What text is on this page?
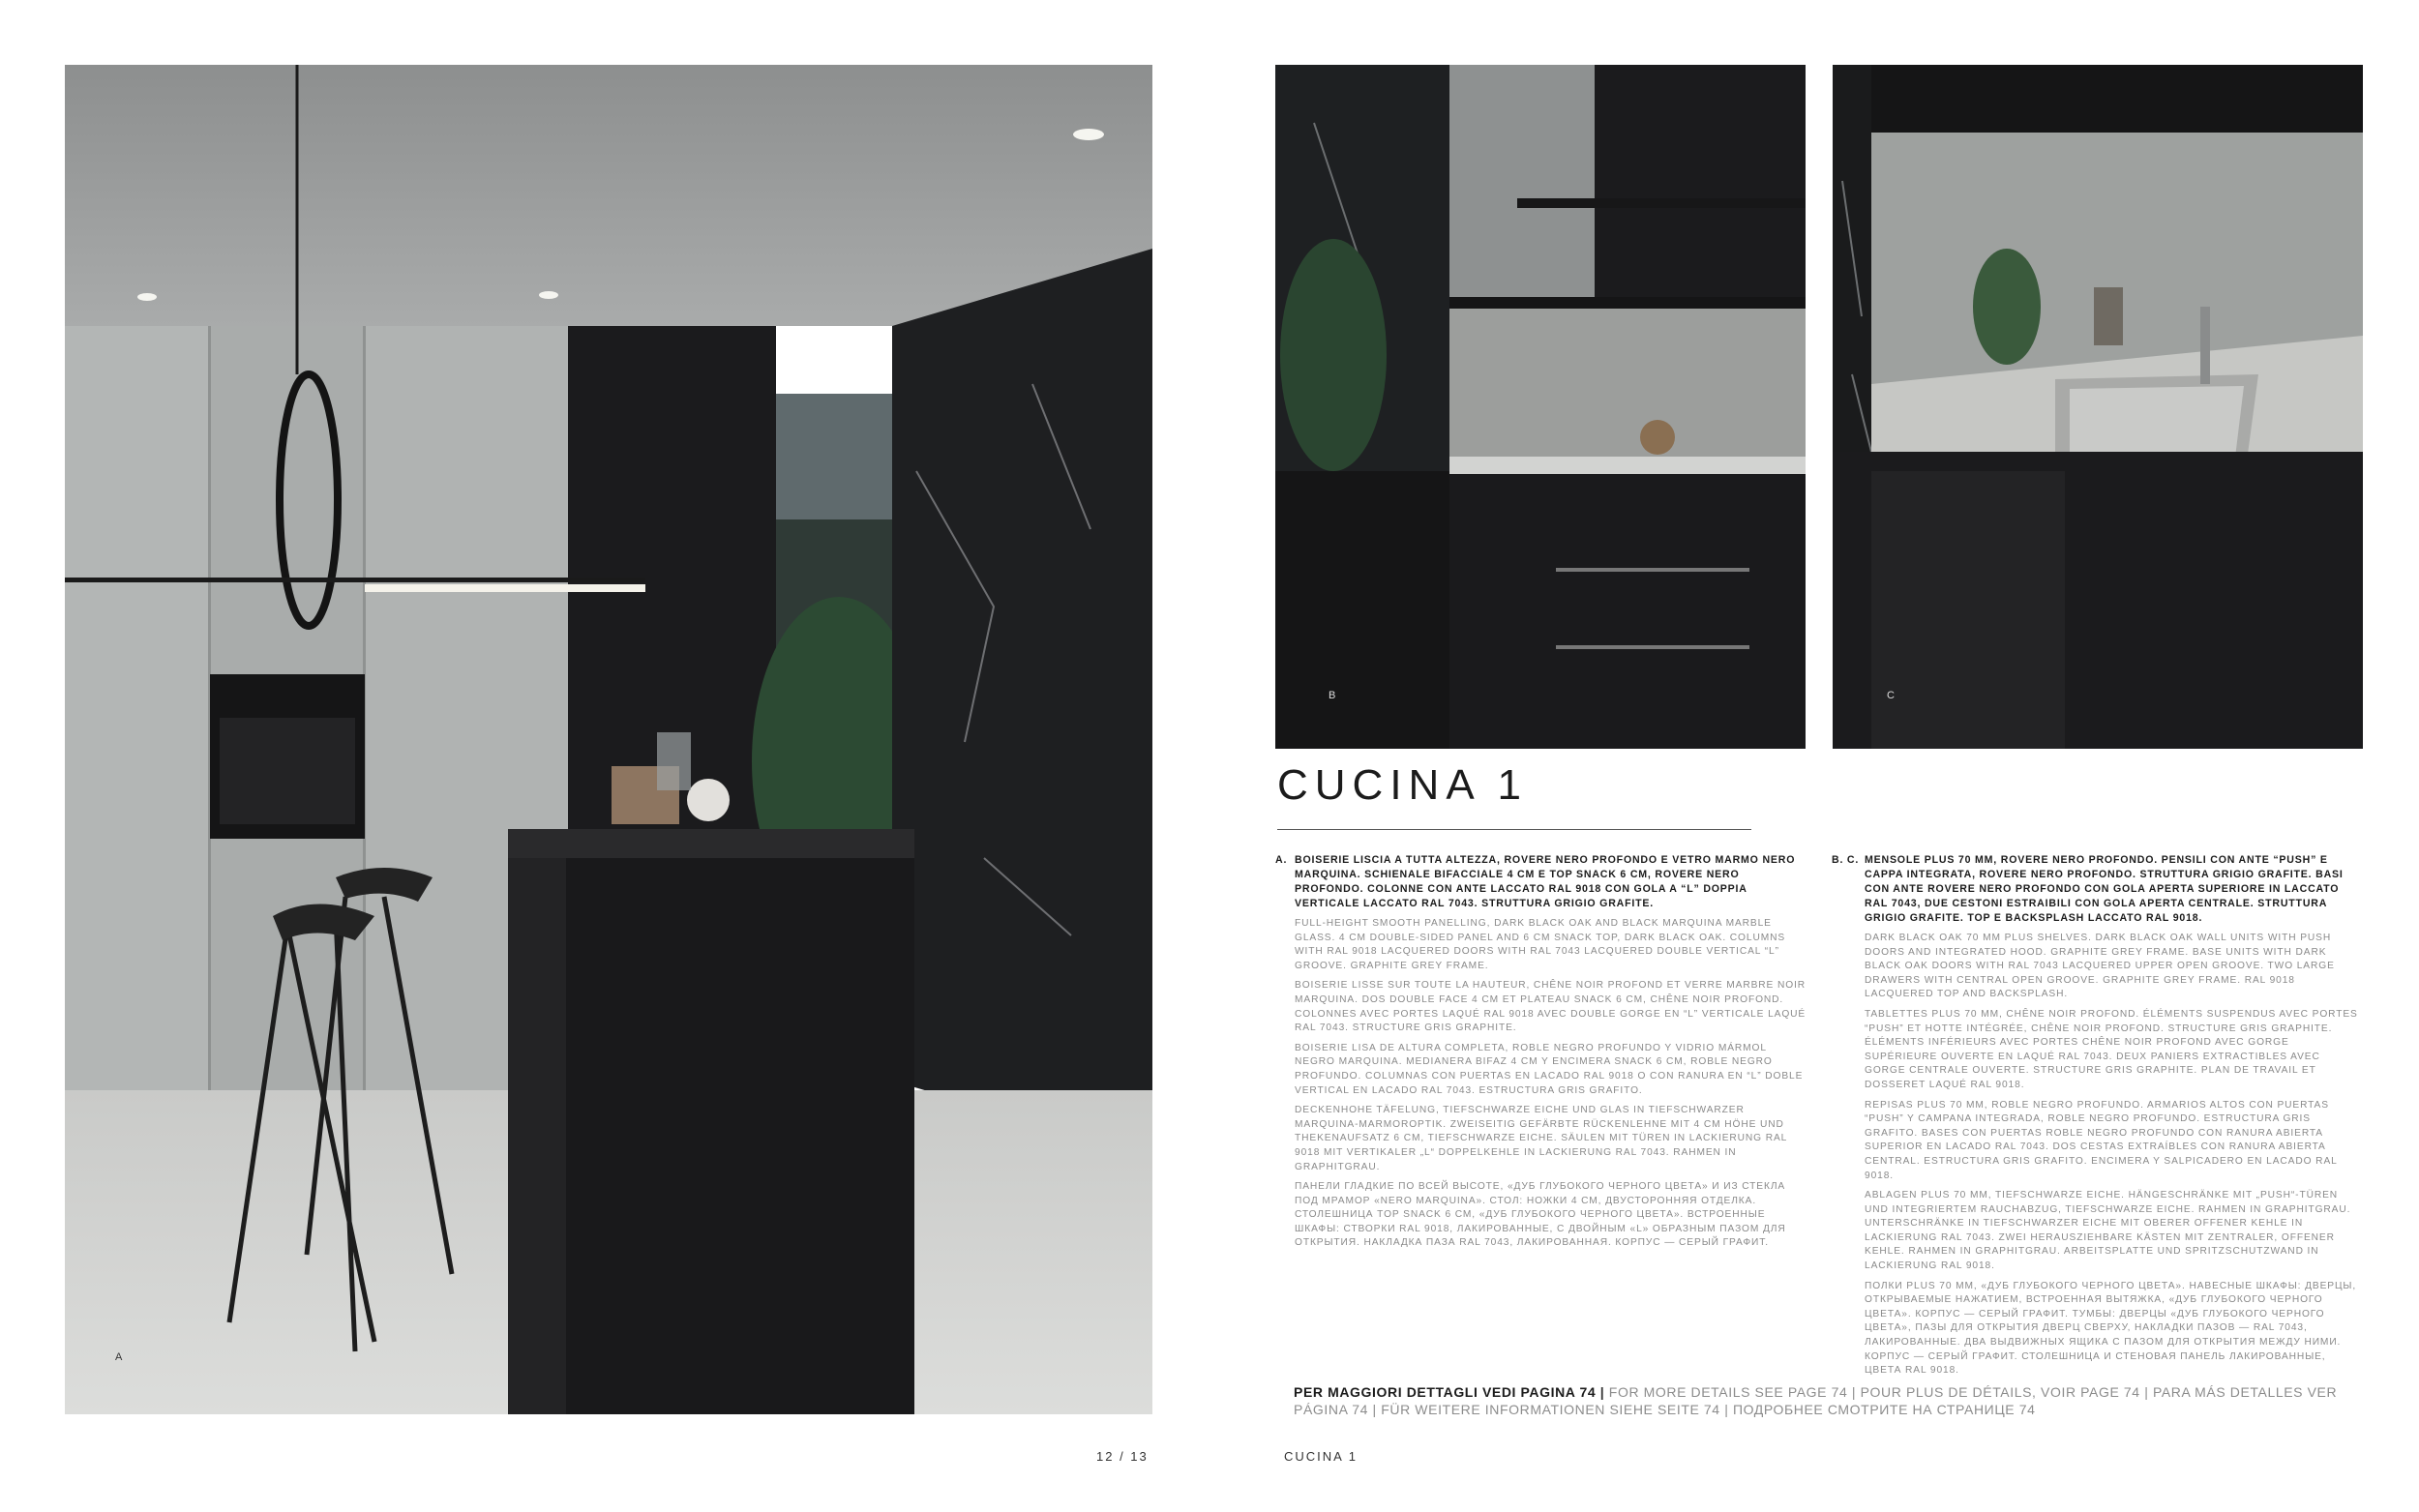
A
B	C
CUCINA 1
A. BOISERIE LISCIA A TUTTA ALTEZZA, ROVERE NERO PROFONDO E VETRO MARMO NERO MARQUINA. SCHIENALE BIFACCIALE 4 CM E TOP SNACK 6 CM, ROVERE NERO PROFONDO. COLONNE CON ANTE LACCATO RAL 9018 CON GOLA A “L” DOPPIA VERTICALE LACCATO RAL 7043. STRUTTURA GRIGIO GRAFITE.

FULL-HEIGHT SMOOTH PANELLING, DARK BLACK OAK AND BLACK MARQUINA MARBLE GLASS. 4 CM DOUBLE-SIDED PANEL AND 6 CM SNACK TOP, DARK BLACK OAK. COLUMNS WITH RAL 9018 LACQUERED DOORS WITH RAL 7043 LACQUERED DOUBLE VERTICAL “L” GROOVE. GRAPHITE GREY FRAME.

BOISERIE LISSE SUR TOUTE LA HAUTEUR, CHÊNE NOIR PROFOND ET VERRE MARBRE NOIR MARQUINA. DOS DOUBLE FACE 4 CM ET PLATEAU SNACK 6 CM, CHÊNE NOIR PROFOND. COLONNES AVEC PORTES LAQUÉ RAL 9018 AVEC DOUBLE GORGE EN “L” VERTICALE LAQUÉ RAL 7043. STRUCTURE GRIS GRAPHITE.

BOISERIE LISA DE ALTURA COMPLETA, ROBLE NEGRO PROFUNDO Y VIDRIO MÁRMOL NEGRO MARQUINA. MEDIANERA BIFAZ 4 CM Y ENCIMERA SNACK 6 CM, ROBLE NEGRO PROFUNDO. COLUMNAS CON PUERTAS EN LACADO RAL 9018 O CON RANURA EN “L” DOBLE VERTICAL EN LACADO RAL 7043. ESTRUCTURA GRIS GRAFITO.

DECKENHOHE TÄFELUNG, TIEFSCHWARZE EICHE UND GLAS IN TIEFSCHWARZER MARQUINA-MARMOROPTIK. ZWEISEITIG GEFÄRBTE RÜCKENLEHNE MIT 4 CM HÖHE UND THEKENAUFSATZ 6 CM, TIEFSCHWARZE EICHE. SÄULEN MIT TÜREN IN LACKIERUNG RAL 9018 MIT VERTIKALER „L“ DOPPELKEHLE IN LACKIERUNG RAL 7043. RAHMEN IN GRAPHITGRAU.

ПАНЕЛИ ГЛАДКИЕ ПО ВСЕЙ ВЫСОТЕ, «ДУБ ГЛУБОКОГО ЧЕРНОГО ЦВЕТА» И ИЗ СТЕКЛА ПОД МРАМОР «NERO MARQUINA». СТОЛ: НОЖКИ 4 СМ, ДВУСТОРОННЯЯ ОТДЕЛКА. СТОЛЕШНИЦА TOP SNACK 6 СМ, «ДУБ ГЛУБОКОГО ЧЕРНОГО ЦВЕТА». ВСТРОЕННЫЕ ШКАФЫ: СТВОРКИ RAL 9018, ЛАКИРОВАННЫЕ, С ДВОЙНЫМ «L» ОБРАЗНЫМ ПАЗОМ ДЛЯ ОТКРЫТИЯ. НАКЛАДКА ПАЗА RAL 7043, ЛАКИРОВАННАЯ. КОРПУС — СЕРЫЙ ГРАФИТ.

B. C. MENSOLE PLUS 70 MM, ROVERE NERO PROFONDO. PENSILI CON ANTE “PUSH” E CAPPA INTEGRATA, ROVERE NERO PROFONDO. STRUTTURA GRIGIO GRAFITE. BASI CON ANTE ROVERE NERO PROFONDO CON GOLA APERTA SUPERIORE IN LACCATO RAL 7043, DUE CESTONI ESTRAIBILI CON GOLA APERTA CENTRALE. STRUTTURA GRIGIO GRAFITE. TOP E BACKSPLASH LACCATO RAL 9018.

DARK BLACK OAK 70 MM PLUS SHELVES. DARK BLACK OAK WALL UNITS WITH PUSH DOORS AND INTEGRATED HOOD. GRAPHITE GREY FRAME. BASE UNITS WITH DARK BLACK OAK DOORS WITH RAL 7043 LACQUERED UPPER OPEN GROOVE. TWO LARGE DRAWERS WITH CENTRAL OPEN GROOVE. GRAPHITE GREY FRAME. RAL 9018 LACQUERED TOP AND BACKSPLASH.

TABLETTES PLUS 70 MM, CHÊNE NOIR PROFOND. ÉLÉMENTS SUSPENDUS AVEC PORTES “PUSH” ET HOTTE INTÉGRÉE, CHÊNE NOIR PROFOND. STRUCTURE GRIS GRAPHITE. ÉLÉMENTS INFÉRIEURS AVEC PORTES CHÊNE NOIR PROFOND AVEC GORGE SUPÉRIEURE OUVERTE EN LAQUÉ RAL 7043. DEUX PANIERS EXTRACTIBLES AVEC GORGE CENTRALE OUVERTE. STRUCTURE GRIS GRAPHITE. PLAN DE TRAVAIL ET DOSSERET LAQUÉ RAL 9018.

REPISAS PLUS 70 MM, ROBLE NEGRO PROFUNDO. ARMARIOS ALTOS CON PUERTAS “PUSH” Y CAMPANA INTEGRADA, ROBLE NEGRO PROFUNDO. ESTRUCTURA GRIS GRAFITO. BASES CON PUERTAS ROBLE NEGRO PROFUNDO CON RANURA ABIERTA SUPERIOR EN LACADO RAL 7043. DOS CESTAS EXTRAÍBLES CON RANURA ABIERTA CENTRAL. ESTRUCTURA GRIS GRAFITO. ENCIMERA Y SALPICADERO EN LACADO RAL 9018.

ABLAGEN PLUS 70 MM, TIEFSCHWARZE EICHE. HÄNGESCHRÄNKE MIT „PUSH“-TÜREN UND INTEGRIERTEM RAUCHABZUG, TIEFSCHWARZE EICHE. RAHMEN IN GRAPHITGRAU. UNTERSCHRÄNKE IN TIEFSCHWARZER EICHE MIT OBERER OFFENER KEHLE IN LACKIERUNG RAL 7043. ZWEI HERAUSZIEHBARE KÄSTEN MIT ZENTRALER, OFFENER KEHLE. RAHMEN IN GRAPHITGRAU. ARBEITSPLATTE UND SPRITZSCHUTZWAND IN LACKIERUNG RAL 9018.

ПОЛКИ PLUS 70 ММ, «ДУБ ГЛУБОКОГО ЧЕРНОГО ЦВЕТА». НАВЕСНЫЕ ШКАФЫ: ДВЕРЦЫ, ОТКРЫВАЕМЫЕ НАЖАТИЕМ, ВСТРОЕННАЯ ВЫТЯЖКА, «ДУБ ГЛУБОКОГО ЧЕРНОГО ЦВЕТА». КОРПУС — СЕРЫЙ ГРАФИТ. ТУМБЫ: ДВЕРЦЫ «ДУБ ГЛУБОКОГО ЧЕРНОГО ЦВЕТА», ПАЗЫ ДЛЯ ОТКРЫТИЯ ДВЕРЦ СВЕРХУ, НАКЛАДКИ ПАЗОВ — RAL 7043, ЛАКИРОВАННЫЕ. ДВА ВЫДВИЖНЫХ ЯЩИКА С ПАЗОМ ДЛЯ ОТКРЫТИЯ МЕЖДУ НИМИ. КОРПУС — СЕРЫЙ ГРАФИТ. СТОЛЕШНИЦА И СТЕНОВАЯ ПАНЕЛЬ ЛАКИРОВАННЫЕ, ЦВЕТА RAL 9018.

PER MAGGIORI DETTAGLI VEDI PAGINA 74 | FOR MORE DETAILS SEE PAGE 74 | POUR PLUS DE DÉTAILS, VOIR PAGE 74 | PARA MÁS DETALLES VER PÁGINA 74 | FÜR WEITERE INFORMATIONEN SIEHE SEITE 74 | ПОДРОБНЕЕ СМОТРИТЕ НА СТРАНИЦЕ 74
12 / 13	CUCINA 1
